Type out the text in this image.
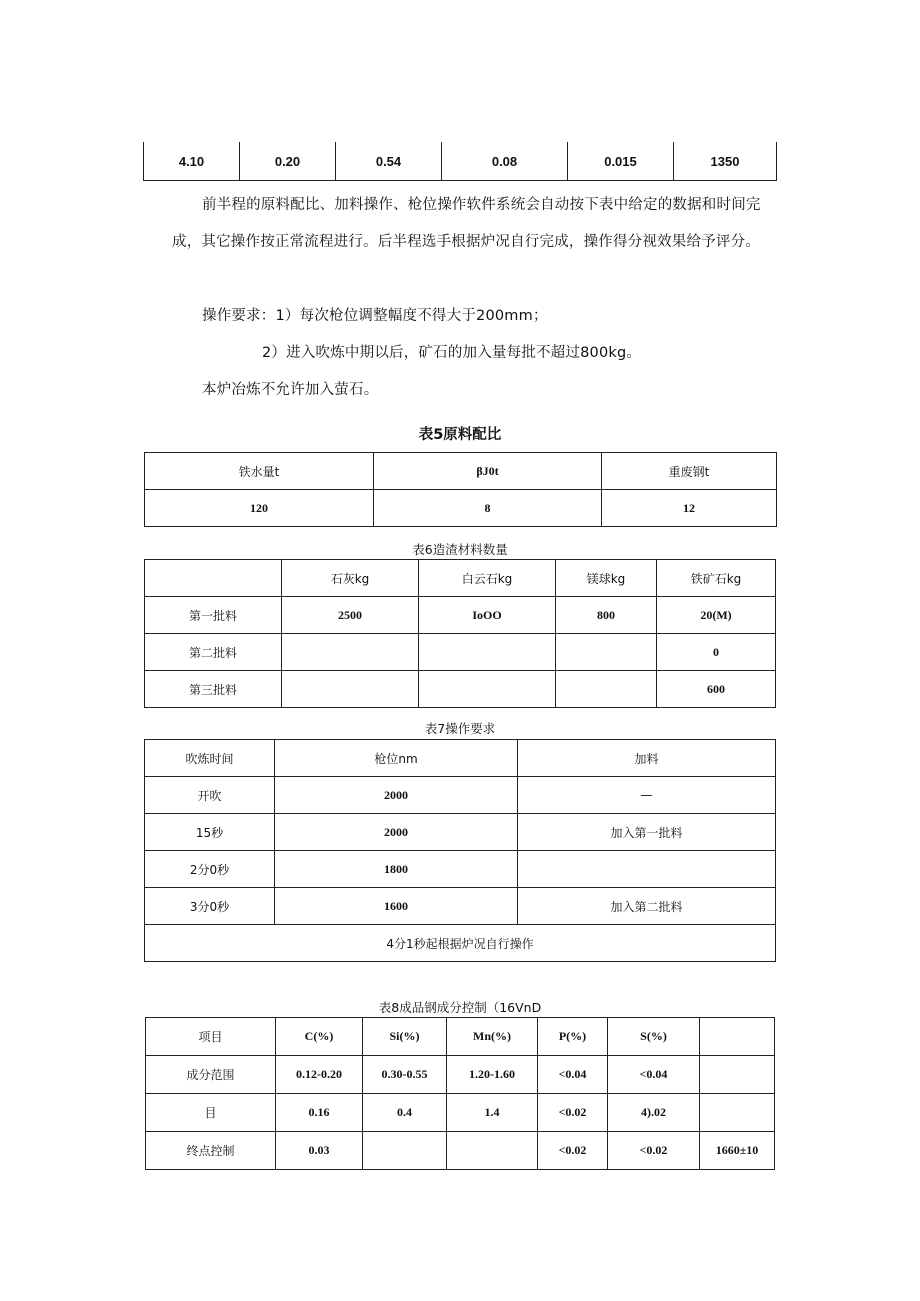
4.10	0.20	0.54	0.08	0.015	1350

前半程的原料配比、加料操作、枪位操作软件系统会自动按下表中给定的数据和时间完成，其它操作按正常流程进行。后半程选手根据炉况自行完成，操作得分视效果给予评分。

操作要求：1）每次枪位调整幅度不得大于200mm；

2）进入吹炼中期以后，矿石的加入量每批不超过800kg。

本炉冶炼不允许加入萤石。

表5原料配比

铁水量t	βJ0t	重废钢t
120	8	12

表6造渣材料数量

	石灰kg	白云石kg	镁球kg	铁矿石kg
第一批料	2500	IoOO	800	20(M)
第二批料				0
第三批料				600

表7操作要求

吹炼时间	枪位nm	加料
开吹	2000	—
15秒	2000	加入第一批料
2分0秒	1800	
3分0秒	1600	加入第二批料
4分1秒起根据炉况自行操作		

表8成品钢成分控制（16VnD

项目	C(%)	Si(%)	Mn(%)	P(%)	S(%)	
成分范围	0.12-0.20	0.30-0.55	1.20-1.60	<0.04	<0.04	
目	0.16	0.4	1.4	<0.02	4).02	
终点控制	0.03			<0.02	<0.02	1660±10
